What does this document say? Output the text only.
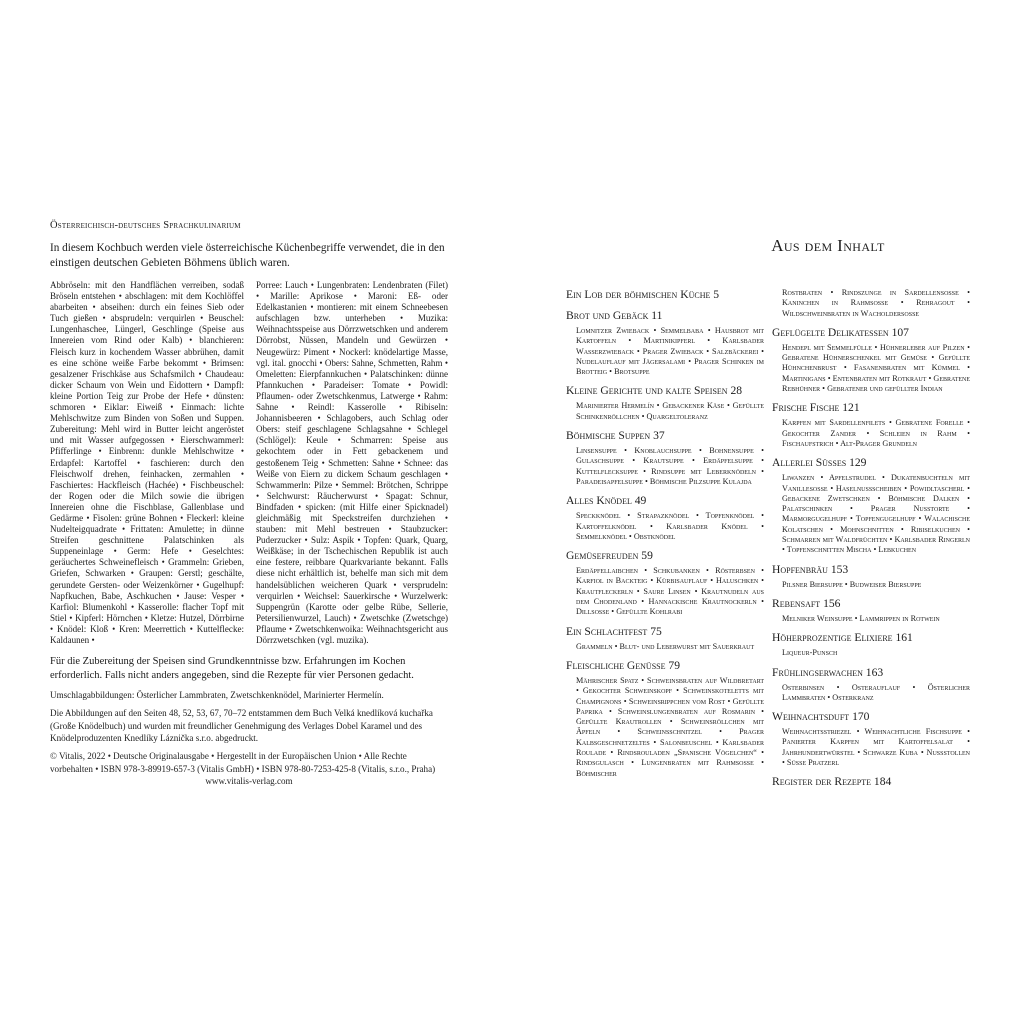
Österreichisch-deutsches Sprachkulinarium
In diesem Kochbuch werden viele österreichische Küchenbegriffe verwendet, die in den einstigen deutschen Gebieten Böhmens üblich waren.
Abbröseln: mit den Handflächen verreiben, sodaß Bröseln entstehen • abschlagen: mit dem Kochlöffel abarbeiten • abseihen: durch ein feines Sieb oder Tuch gießen • absprudeln: verquirlen • Beuschel: Lungenhaschee, Lüngerl, Geschlinge (Speise aus Innereien vom Rind oder Kalb) • blanchieren: Fleisch kurz in kochendem Wasser abbrühen, damit es eine schöne weiße Farbe bekommt • Brimsen: gesalzener Frischkäse aus Schafsmilch • Chaudeau: dicker Schaum von Wein und Eidottern • Dampfl: kleine Portion Teig zur Probe der Hefe • dünsten: schmoren • Eiklar: Eiweiß • Einmach: lichte Mehlschwitze zum Binden von Soßen und Suppen. Zubereitung: Mehl wird in Butter leicht angeröstet und mit Wasser aufgegossen • Eierschwammerl: Pfifferlinge • Einbrenn: dunkle Mehlschwitze • Erdapfel: Kartoffel • faschieren: durch den Fleischwolf drehen, feinhacken, zermahlen • Faschiertes: Hackfleisch (Hachée) • Fischbeuschel: der Rogen oder die Milch sowie die übrigen Innereien ohne die Fischblase, Gallenblase und Gedärme • Fisolen: grüne Bohnen • Fleckerl: kleine Nudelteigquadrate • Frittaten: Amulette; in dünne Streifen geschnittene Palatschinken als Suppeneinlage • Germ: Hefe • Geselchtes: geräuchertes Schweinefleisch • Grammeln: Grieben, Griefen, Schwarken • Graupen: Gerstl; geschälte, gerundete Gersten- oder Weizenkörner • Gugelhupf: Napfkuchen, Babe, Aschkuchen • Jause: Vesper • Karfiol: Blumenkohl • Kasserolle: flacher Topf mit Stiel • Kipferl: Hörnchen • Kletze: Hutzel, Dörrbirne • Knödel: Kloß • Kren: Meerrettich • Kuttelflecke: Kaldaunen •
Porree: Lauch • Lungenbraten: Lendenbraten (Filet) • Marille: Aprikose • Maroni: Eß- oder Edelkastanien • montieren: mit einem Schneebesen aufschlagen bzw. unterheben • Muzika: Weihnachtsspeise aus Dörrzwetschken und anderem Dörrobst, Nüssen, Mandeln und Gewürzen • Neugewürz: Piment • Nockerl: knödelartige Masse, vgl. ital. gnocchi • Obers: Sahne, Schmetten, Rahm • Omeletten: Eierpfannkuchen • Palatschinken: dünne Pfannkuchen • Paradeiser: Tomate • Powidl: Pflaumen- oder Zwetschkenmus, Latwerge • Rahm: Sahne • Reindl: Kasserolle • Ribiseln: Johannisbeeren • Schlagobers, auch Schlag oder Obers: steif geschlagene Schlagsahne • Schlegel (Schlögel): Keule • Schmarren: Speise aus gekochtem oder in Fett gebackenem und gestoßenem Teig • Schmetten: Sahne • Schnee: das Weiße von Eiern zu dickem Schaum geschlagen • Schwammerln: Pilze • Semmel: Brötchen, Schrippe • Selchwurst: Räucherwurst • Spagat: Schnur, Bindfaden • spicken: (mit Hilfe einer Spicknadel) gleichmäßig mit Speckstreifen durchziehen • stauben: mit Mehl bestreuen • Staubzucker: Puderzucker • Sulz: Aspik • Topfen: Quark, Quarg, Weißkäse; in der Tschechischen Republik ist auch eine festere, reibbare Quarkvariante bekannt. Falls diese nicht erhältlich ist, behelfe man sich mit dem handelsüblichen weicheren Quark • versprudeln: verquirlen • Weichsel: Sauerkirsche • Wurzelwerk: Suppengrün (Karotte oder gelbe Rübe, Sellerie, Petersilienwurzel, Lauch) • Zwetschke (Zwetschge) Pflaume • Zwetschkenwoika: Weihnachtsgericht aus Dörrzwetschken (vgl. muzika).
Für die Zubereitung der Speisen sind Grundkenntnisse bzw. Erfahrungen im Kochen erforderlich. Falls nicht anders angegeben, sind die Rezepte für vier Personen gedacht.
Umschlagabbildungen: Österlicher Lammbraten, Zwetschkenknödel, Marinierter Hermelín.
Die Abbildungen auf den Seiten 48, 52, 53, 67, 70–72 entstammen dem Buch Velká knedlíková kuchařka (Große Knödelbuch) und wurden mit freundlicher Genehmigung des Verlages Dobel Karamel und des Knödelproduzenten Knedlíky Láznička s.r.o. abgedruckt.
© Vitalis, 2022 • Deutsche Originalausgabe • Hergestellt in der Europäischen Union • Alle Rechte vorbehalten • ISBN 978-3-89919-657-3 (Vitalis GmbH) • ISBN 978-80-7253-425-8 (Vitalis, s.r.o., Praha)
www.vitalis-verlag.com
Aus dem Inhalt
Ein Lob der böhmischen Küche 5
Brot und Gebäck 11
Lomnitzer Zwieback • Semmelbaba • Hausbrot mit Kartoffeln • Martinikipferl • Karlsbader Wasserzwieback • Prager Zwieback • Salzbäckerei • Nudelauflauf mit Jägersalami • Prager Schinken im Brotteig • Brotsuppe
Kleine Gerichte und kalte Speisen 28
Marinierter Hermelín • Gebackener Käse • Gefüllte Schinkenröllchen • Quargeltoleranz
Böhmische Suppen 37
Linsensuppe • Knoblauchsuppe • Bohnensuppe • Gulaschsuppe • Krautsuppe • Erdäpfelsuppe • Kuttelflecksuppe • Rindsuppe mit Leberknödeln • Paradeisapfelsuppe • Böhmische Pilzsuppe Kulajda
Alles Knödel 49
Speckknödel • Strapazknödel • Topfenknödel • Kartoffelknödel • Karlsbader Knödel • Semmelknödel • Obstknödel
Gemüsefreuden 59
Erdäpfellaibchen • Schkubanken • Rösterbsen • Karfiol in Backteig • Kürbisauflauf • Haluschken • Krautfleckerln • Saure Linsen • Krautnudeln aus dem Chodenland • Hannackische Krautnockerln • Dillsoße • Gefüllte Kohlrabi
Ein Schlachtfest 75
Grammeln • Blut- und Leberwurst mit Sauerkraut
Fleischliche Genüsse 79
Mährischer Spatz • Schweinsbraten auf Wildbretart • Gekochter Schweinskopf • Schweinskoteletts mit Champignons • Schweinsrippchen vom Rost • Gefüllte Paprika • Schweinslungenbraten auf Rosmarin • Gefüllte Krautrollen • Schweinsröllchen mit Äpfeln • Schweinsschnitzel • Prager Kalbsgeschnetzeltes • Salonbeuschel • Karlsbader Roulade • Rindsrouladen „Spanische Vögelchen“ • Rindsgulasch • Lungenbraten mit Rahmsosse • Böhmischer
Rostbraten • Rindszunge in Sardellensosse • Kaninchen in Rahmsosse • Rehragout • Wildschweinbraten in Wacholdersosse
Geflügelte Delikatessen 107
Hendерl mit Semmelfülle • Hühnerleber auf Pilzen • Gebratene Hühnerschenkel mit Gemüse • Gefüllte Hühnchenbrust • Fasanenbraten mit Kümmel • Martinigans • Entenbraten mit Rotkraut • Gebratene Rebhühner • Gebratener und gefüllter Indian
Frische Fische 121
Karpfen mit Sardellenfilets • Gebratene Forelle • Gekochter Zander • Schleien in Rahm • Fischaufstrich • Alt-Prager Grundeln
Allerlei Süsses 129
Liwanzen • Apfelstrudel • Dukatenbuchteln mit Vanillesosse • Haselnussscheiben • Powidltascherl • Gebackene Zwetschken • Böhmische Dalken • Palatschinken • Prager Nusstorte • Marmorgugelhupf • Topfengugelhupf • Walachische Kolatschen • Mohnschnitten • Ribiselkuchen • Schmarren mit Waldfrüchten • Karlsbader Ringerln • Topfenschnitten Mischa • Lebkuchen
Hopfenbräu 153
Pilsner Biersuppe • Budweiser Biersuppe
Rebensaft 156
Melniker Weinsuppe • Lammrippen in Rotwein
Höherprozentige Elixiere 161
Liqueur-Punsch
Frühlingserwachen 163
Osterbinsen • Osterauflauf • Österlicher Lammbraten • Osterkranz
Weihnachtsduft 170
Weihnachtsstriezel • Weihnachtliche Fischsuppe • Panierter Karpfen mit Kartoffelsalat • Jahrhundertwürstel • Schwarze Kuba • Nussstollen • Süsse Pratzerl
Register der Rezepte 184
